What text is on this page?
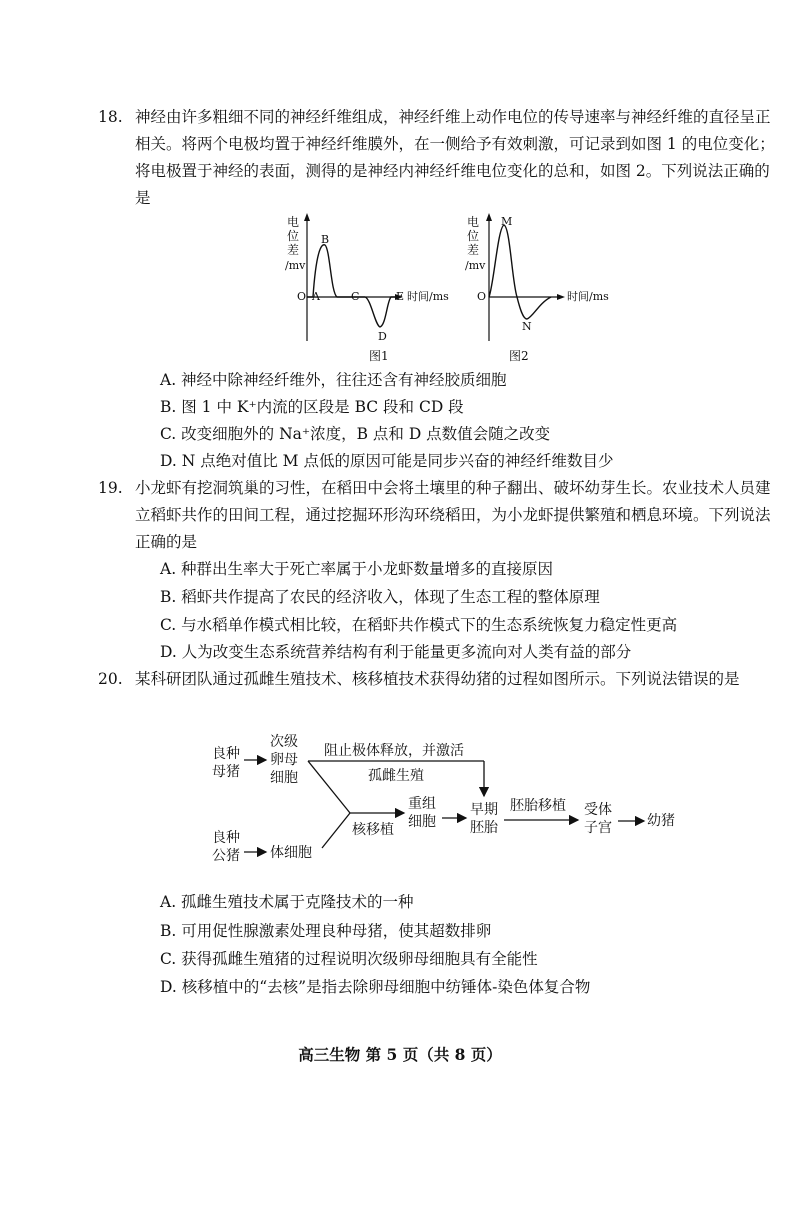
18. 神经由许多粗细不同的神经纤维组成，神经纤维上动作电位的传导速率与神经纤维的直径呈正相关。将两个电极均置于神经纤维膜外，在一侧给予有效刺激，可记录到如图 1 的电位变化；将电极置于神经的表面，测得的是神经内神经纤维电位变化的总和，如图 2。下列说法正确的是
电
位
差
/mv
O A
B
C
D
E 时间/ms
图1
电
位
差
/mv
O
M
N
时间/ms
图2
A. 神经中除神经纤维外，往往还含有神经胶质细胞
B. 图 1 中 K⁺内流的区段是 BC 段和 CD 段
C. 改变细胞外的 Na⁺浓度，B 点和 D 点数值会随之改变
D. N 点绝对值比 M 点低的原因可能是同步兴奋的神经纤维数目少
19. 小龙虾有挖洞筑巢的习性，在稻田中会将土壤里的种子翻出、破坏幼芽生长。农业技术人员建立稻虾共作的田间工程，通过挖掘环形沟环绕稻田，为小龙虾提供繁殖和栖息环境。下列说法正确的是
A. 种群出生率大于死亡率属于小龙虾数量增多的直接原因
B. 稻虾共作提高了农民的经济收入，体现了生态工程的整体原理
C. 与水稻单作模式相比较，在稻虾共作模式下的生态系统恢复力稳定性更高
D. 人为改变生态系统营养结构有利于能量更多流向对人类有益的部分
20. 某科研团队通过孤雌生殖技术、核移植技术获得幼猪的过程如图所示。下列说法错误的是
良种
母猪
次级
卵母
细胞
阻止极体释放，并激活
孤雌生殖
核移植
重组
细胞
早期
胚胎
胚胎移植 受体
子宫	幼猪
良种
公猪 体细胞
A. 孤雌生殖技术属于克隆技术的一种
B. 可用促性腺激素处理良种母猪，使其超数排卵
C. 获得孤雌生殖猪的过程说明次级卵母细胞具有全能性
D. 核移植中的“去核”是指去除卵母细胞中纺锤体-染色体复合物
高三生物 第 5 页（共 8 页）
